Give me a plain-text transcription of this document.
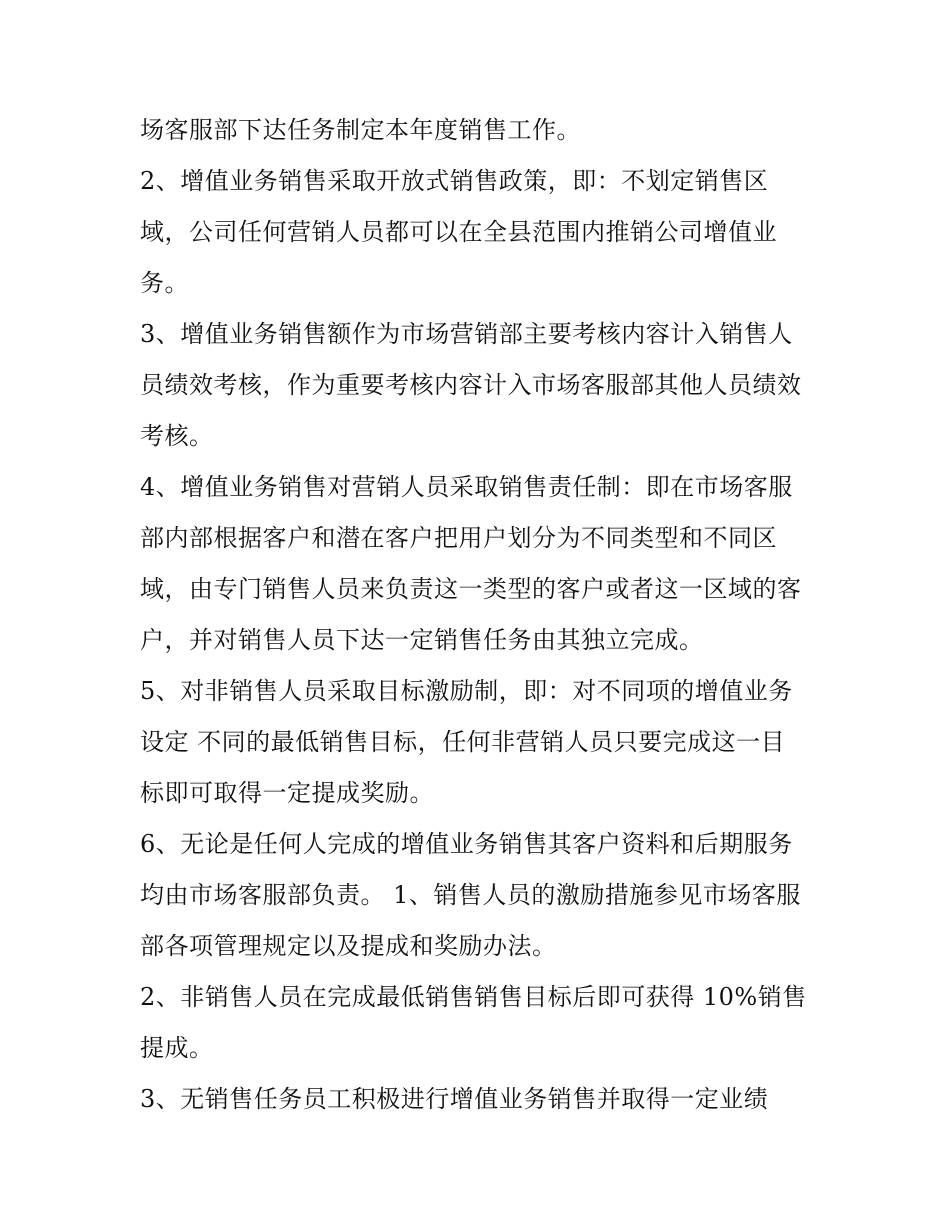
场客服部下达任务制定本年度销售工作。
2、增值业务销售采取开放式销售政策，即：不划定销售区
域，公司任何营销人员都可以在全县范围内推销公司增值业
务。
3、增值业务销售额作为市场营销部主要考核内容计入销售人
员绩效考核，作为重要考核内容计入市场客服部其他人员绩效
考核。
4、增值业务销售对营销人员采取销售责任制：即在市场客服
部内部根据客户和潜在客户把用户划分为不同类型和不同区
域，由专门销售人员来负责这一类型的客户或者这一区域的客
户，并对销售人员下达一定销售任务由其独立完成。
5、对非销售人员采取目标激励制，即：对不同项的增值业务
设定 不同的最低销售目标，任何非营销人员只要完成这一目
标即可取得一定提成奖励。
6、无论是任何人完成的增值业务销售其客户资料和后期服务
均由市场客服部负责。 1、销售人员的激励措施参见市场客服
部各项管理规定以及提成和奖励办法。
2、非销售人员在完成最低销售销售目标后即可获得 10%销售
提成。
3、无销售任务员工积极进行增值业务销售并取得一定业绩
